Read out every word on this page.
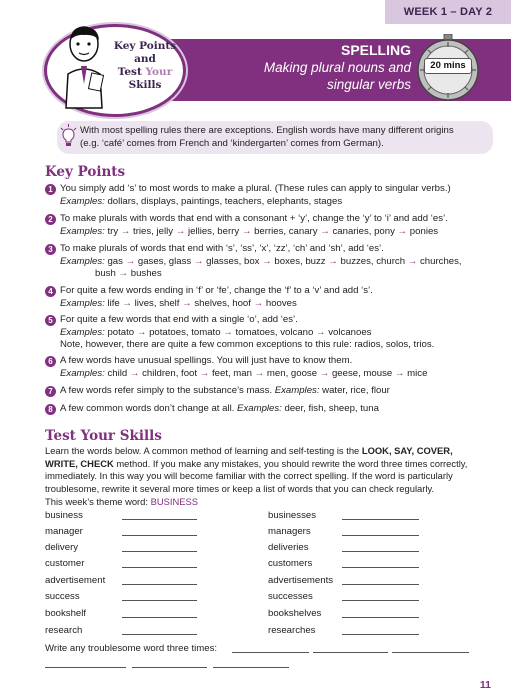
WEEK 1 – DAY 2
SPELLING
Making plural nouns and
singular verbs
Key Points
and
Test Your
Skills
20 mins
With most spelling rules there are exceptions. English words have many different origins
(e.g. ‘café’ comes from French and ‘kindergarten’ comes from German).
Key Points
1 You simply add ‘s’ to most words to make a plural. (These rules can apply to singular verbs.)
Examples: dollars, displays, paintings, teachers, elephants, stages
2 To make plurals with words that end with a consonant + ‘y’, change the ‘y’ to ‘i’ and add ‘es’.
Examples: try → tries, jelly → jellies, berry → berries, canary → canaries, pony → ponies
3 To make plurals of words that end with ‘s’, ‘ss’, ‘x’, ‘zz’, ‘ch’ and ‘sh’, add ‘es’.
Examples: gas → gases, glass → glasses, box → boxes, buzz → buzzes, church → churches,
bush → bushes
4 For quite a few words ending in ‘f’ or ‘fe’, change the ‘f’ to a ‘v’ and add ‘s’.
Examples: life → lives, shelf → shelves, hoof → hooves
5 For quite a few words that end with a single ‘o’, add ‘es’.
Examples: potato → potatoes, tomato → tomatoes, volcano → volcanoes
Note, however, there are quite a few common exceptions to this rule: radios, solos, trios.
6 A few words have unusual spellings. You will just have to know them.
Examples: child → children, foot → feet, man → men, goose → geese, mouse → mice
7 A few words refer simply to the substance’s mass. Examples: water, rice, flour
8 A few common words don’t change at all. Examples: deer, fish, sheep, tuna
Test Your Skills
Learn the words below. A common method of learning and self-testing is the LOOK, SAY, COVER,
WRITE, CHECK method. If you make any mistakes, you should rewrite the word three times correctly,
immediately. In this way you will become familiar with the correct spelling. If the word is particularly
troublesome, rewrite it several more times or keep a list of words that you can check regularly.
This week’s theme word: BUSINESS
business	businesses
manager	managers
delivery	deliveries
customer	customers
advertisement	advertisements
success	successes
bookshelf	bookshelves
research	researches
Write any troublesome word three times:
11
